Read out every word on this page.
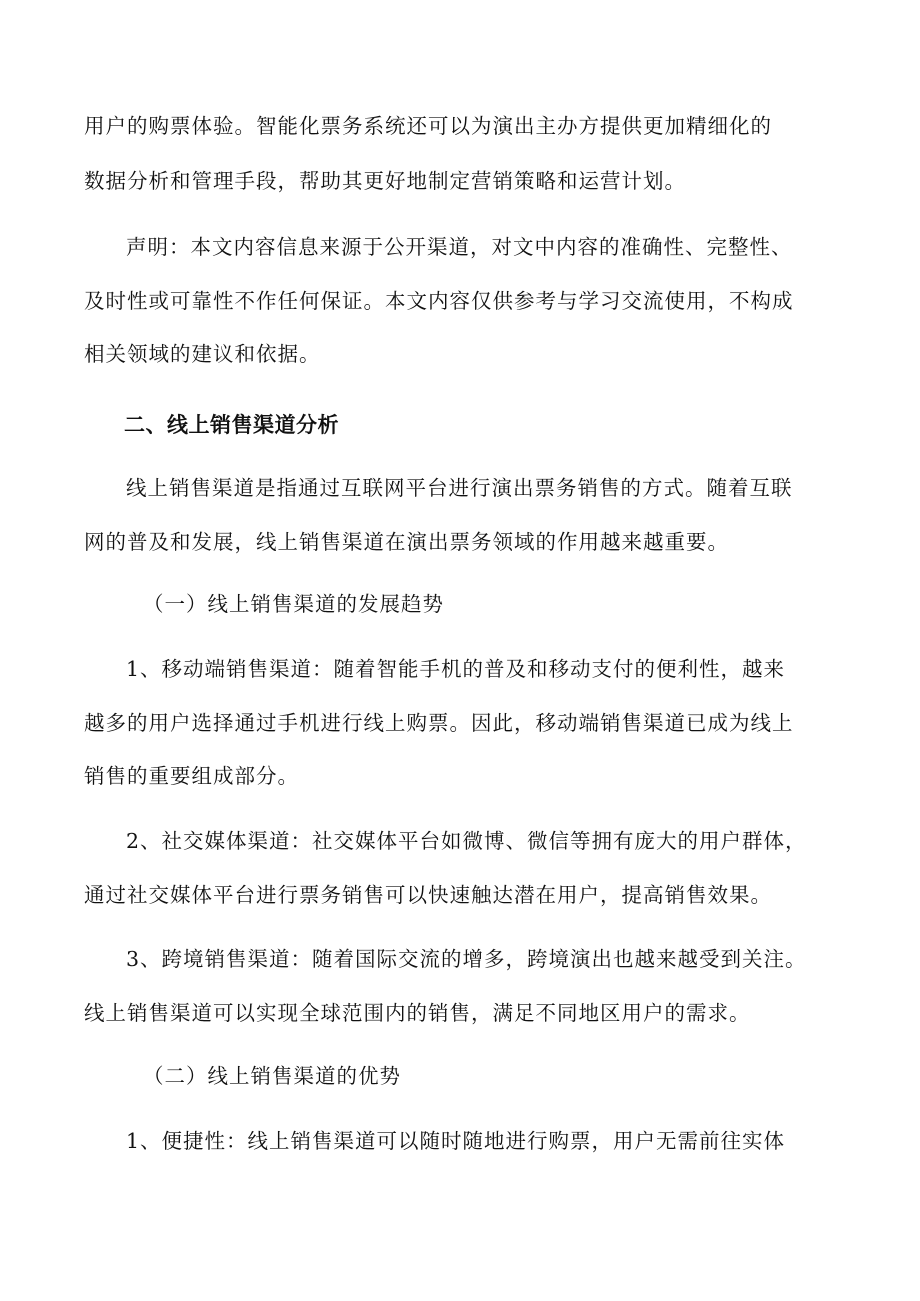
用户的购票体验。智能化票务系统还可以为演出主办方提供更加精细化的
数据分析和管理手段，帮助其更好地制定营销策略和运营计划。
声明：本文内容信息来源于公开渠道，对文中内容的准确性、完整性、
及时性或可靠性不作任何保证。本文内容仅供参考与学习交流使用，不构成
相关领域的建议和依据。
二、线上销售渠道分析
线上销售渠道是指通过互联网平台进行演出票务销售的方式。随着互联
网的普及和发展，线上销售渠道在演出票务领域的作用越来越重要。
（一）线上销售渠道的发展趋势
1、移动端销售渠道：随着智能手机的普及和移动支付的便利性，越来
越多的用户选择通过手机进行线上购票。因此，移动端销售渠道已成为线上
销售的重要组成部分。
2、社交媒体渠道：社交媒体平台如微博、微信等拥有庞大的用户群体，
通过社交媒体平台进行票务销售可以快速触达潜在用户，提高销售效果。
3、跨境销售渠道：随着国际交流的增多，跨境演出也越来越受到关注。
线上销售渠道可以实现全球范围内的销售，满足不同地区用户的需求。
（二）线上销售渠道的优势
1、便捷性：线上销售渠道可以随时随地进行购票，用户无需前往实体
